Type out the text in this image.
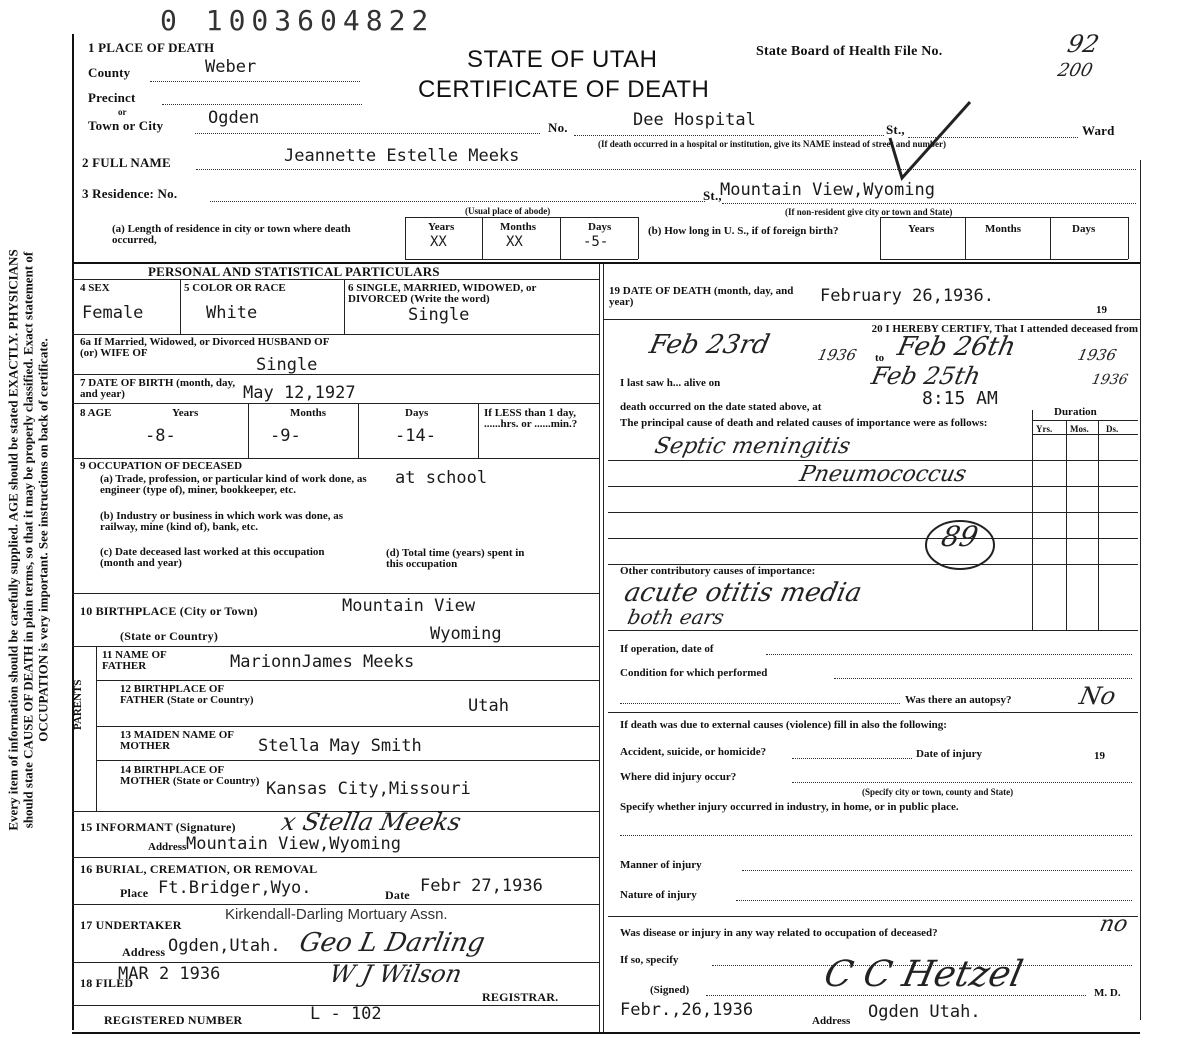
Every item of information should be carefully supplied. AGE should be stated EXACTLY. PHYSICIANS should state CAUSE OF DEATH in plain terms, so that it may be properly classified. Exact statement of OCCUPATION is very important. See instructions on back of certificate.
0 1003604822
STATE OF UTAH
CERTIFICATE OF DEATH
State Board of Health File No.	92
200
1 PLACE OF DEATH
County	Weber
Precinct
or
Town or City	Ogden	No.	Dee Hospital	St.,	Ward
(If death occurred in a hospital or institution, give its NAME instead of street and number)
2 FULL NAME	Jeannette Estelle Meeks
3 Residence: No.	St.,
Mountain View,Wyoming
(Usual place of abode)	(If non-resident give city or town and State)
(a) Length of residence in city or town where death occurred,
Years	Months	Days
XX	XX	-5-
(b) How long in U. S., if of foreign birth?	Years	Months	Days
PERSONAL AND STATISTICAL PARTICULARS
4 SEX
Female
5 COLOR OR RACE
White
6 SINGLE, MARRIED, WIDOWED, or DIVORCED (Write the word)
Single
6a If Married, Widowed, or Divorced HUSBAND OF (or) WIFE OF
Single
7 DATE OF BIRTH (month, day, and year)	May 12,1927
8 AGE	Years
-8-
Months
-9-
Days
-14-
If LESS than 1 day, ......hrs. or ......min.?
9 OCCUPATION OF DECEASED
(a) Trade, profession, or particular kind of work done, as engineer (type of), miner, bookkeeper, etc.
at school
(b) Industry or business in which work was done, as railway, mine (kind of), bank, etc.
(c) Date deceased last worked at this occupation (month and year)
(d) Total time (years) spent in this occupation
10 BIRTHPLACE (City or Town)	Mountain View
(State or Country)	Wyoming
PARENTS
11 NAME OF FATHER	MarionnJames Meeks
12 BIRTHPLACE OF FATHER (State or Country)	Utah
13 MAIDEN NAME OF MOTHER	Stella May Smith
14 BIRTHPLACE OF MOTHER (State or Country) Kansas City,Missouri
15 INFORMANT (Signature) x Stella Meeks
Address Mountain View,Wyoming
16 BURIAL, CREMATION, OR REMOVAL
Place Ft.Bridger,Wyo.	Date Febr 27,1936
17 UNDERTAKER
Kirkendall-Darling Mortuary Assn.
Address Ogden,Utah. Geo L Darling
18 FILED
MAR 2 1936	W J Wilson
REGISTRAR.
REGISTERED NUMBER	L - 102
19 DATE OF DEATH (month, day, and year)	February 26,1936.
19
20 I HEREBY CERTIFY, That I attended deceased from
Feb 23rd	1936 to Feb 26th	1936
I last saw h... alive on	Feb 25th	1936
death occurred on the date stated above, at	8:15 AM
The principal cause of death and related causes of importance were as follows:
Duration
Yrs. Mos. Ds.
Septic meningitis
Pneumococcus
89
Other contributory causes of importance:
acute otitis media
both ears
If operation, date of
Condition for which performed
Was there an autopsy?	No
If death was due to external causes (violence) fill in also the following:
Accident, suicide, or homicide?	Date of injury	19
Where did injury occur?
(Specify city or town, county and State)
Specify whether injury occurred in industry, in home, or in public place.
Manner of injury
Nature of injury
Was disease or injury in any way related to occupation of deceased?	no
If so, specify
(Signed)	C C Hetzel	M. D.
Febr.,26,1936
Address Ogden Utah.
